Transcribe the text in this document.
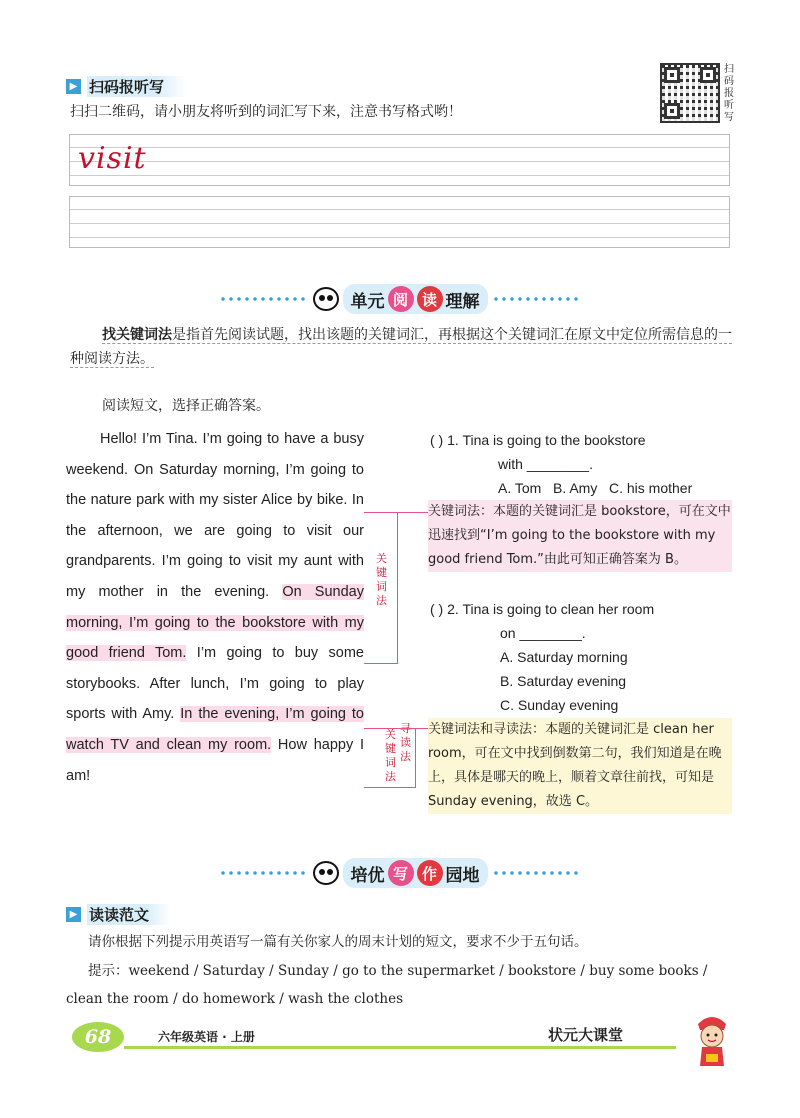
▶ 扫码报听写
扫扫二维码，请小朋友将听到的词汇写下来，注意书写格式哟！
扫码报听写
visit
单元 阅 读 理解
找关键词法是指首先阅读试题，找出该题的关键词汇，再根据这个关键词汇在原文中定位所需信息的一种阅读方法。
阅读短文，选择正确答案。

Hello! I’m Tina. I’m going to have a busy weekend. On Saturday morning, I’m going to the nature park with my sister Alice by bike. In the afternoon, we are going to visit our grandparents. I’m going to visit my aunt with my mother in the evening. On Sunday morning, I’m going to the bookstore with my good friend Tom. I’m going to buy some storybooks. After lunch, I’m going to play sports with Amy. In the evening, I’m going to watch TV and clean my room. How happy I am!

关键词法
关键词法
寻读法
( ) 1. Tina is going to the bookstore
with ________.
A. Tom   B. Amy   C. his mother
关键词法：本题的关键词汇是 bookstore，可在文中迅速找到“I’m going to the bookstore with my good friend Tom.”由此可知正确答案为 B。
( ) 2. Tina is going to clean her room
on ________.
A. Saturday morning
B. Saturday evening
C. Sunday evening
关键词法和寻读法：本题的关键词汇是 clean her room，可在文中找到倒数第二句，我们知道是在晚上，具体是哪天的晚上，顺着文章往前找，可知是 Sunday evening，故选 C。
培优 写 作 园地
▶ 读读范文
请你根据下列提示用英语写一篇有关你家人的周末计划的短文，要求不少于五句话。
提示：weekend / Saturday / Sunday / go to the supermarket / bookstore / buy some books / clean the room / do homework / wash the clothes
68	六年级英语 · 上册	状元大课堂
